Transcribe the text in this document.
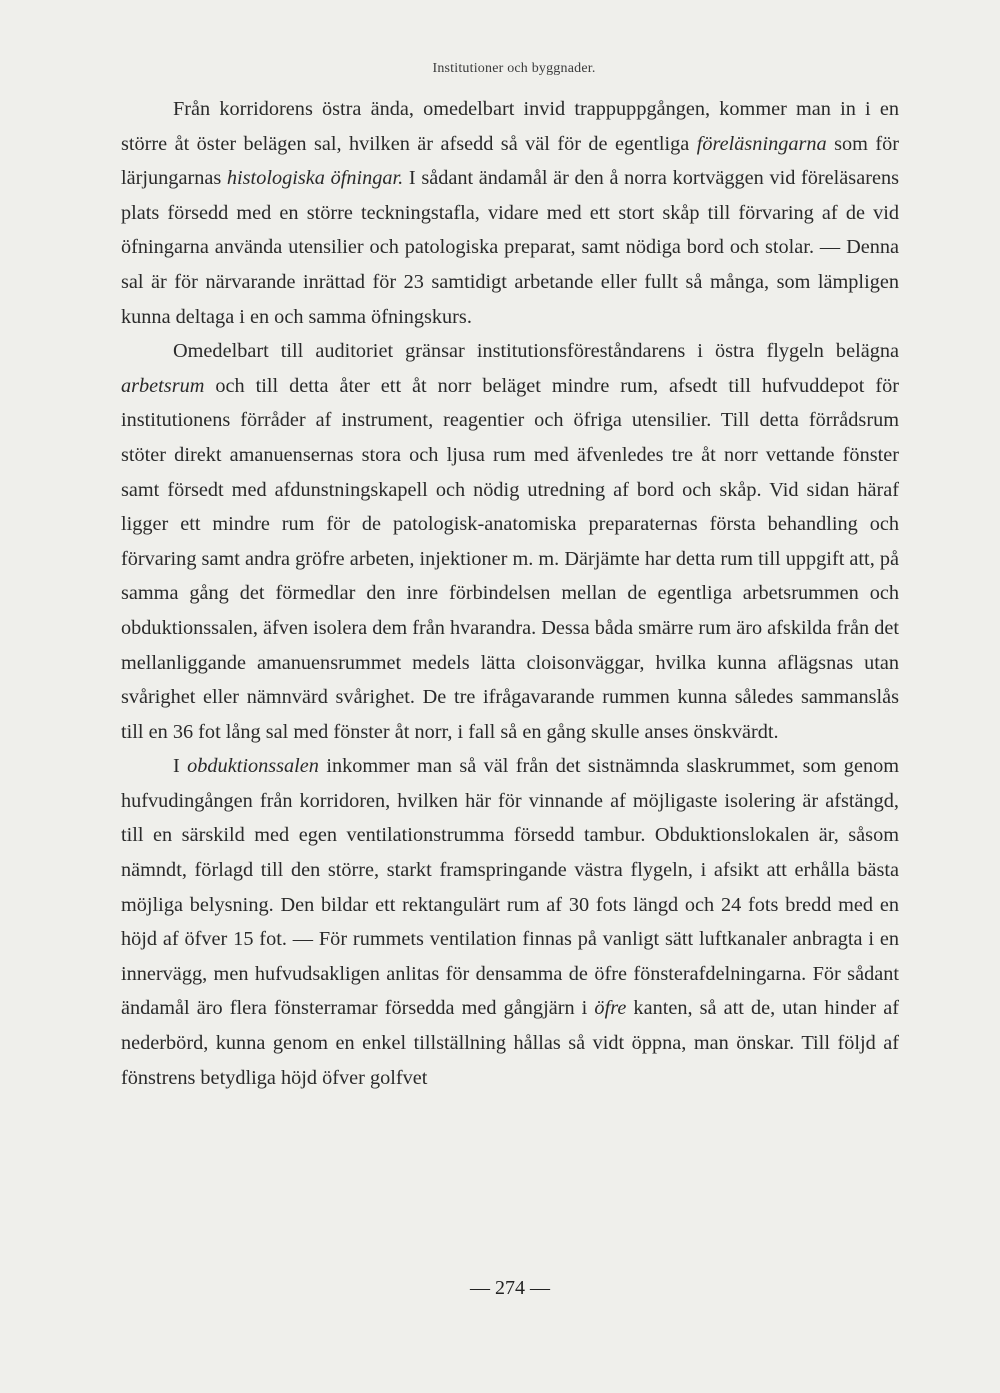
Institutioner och byggnader.

Från korridorens östra ända, omedelbart invid trappuppgången, kommer man in i en större åt öster belägen sal, hvilken är afsedd så väl för de egentliga föreläsningarna som för lärjungarnas histologiska öfningar. I sådant ändamål är den å norra kortväggen vid föreläsarens plats försedd med en större teckningstafla, vidare med ett stort skåp till förvaring af de vid öfningarna använda utensilier och patologiska preparat, samt nödiga bord och stolar. — Denna sal är för närvarande inrättad för 23 samtidigt arbetande eller fullt så många, som lämpligen kunna deltaga i en och samma öfningskurs.

Omedelbart till auditoriet gränsar institutionsföreståndarens i östra flygeln belägna arbetsrum och till detta åter ett åt norr beläget mindre rum, afsedt till hufvuddepot för institutionens förråder af instrument, reagentier och öfriga utensilier. Till detta förrådsrum stöter direkt amanuensernas stora och ljusa rum med äfvenledes tre åt norr vettande fönster samt försedt med afdunstningskapell och nödig utredning af bord och skåp. Vid sidan häraf ligger ett mindre rum för de patologisk-anatomiska preparaternas första behandling och förvaring samt andra gröfre arbeten, injektioner m. m. Därjämte har detta rum till uppgift att, på samma gång det förmedlar den inre förbindelsen mellan de egentliga arbetsrummen och obduktionssalen, äfven isolera dem från hvarandra. Dessa båda smärre rum äro afskilda från det mellanliggande amanuensrummet medels lätta cloisonväggar, hvilka kunna aflägsnas utan svårighet eller nämnvärd svårighet. De tre ifrågavarande rummen kunna således sammanslås till en 36 fot lång sal med fönster åt norr, i fall så en gång skulle anses önskvärdt.

I obduktionssalen inkommer man så väl från det sistnämnda slaskrummet, som genom hufvudingången från korridoren, hvilken här för vinnande af möjligaste isolering är afstängd, till en särskild med egen ventilationstrumma försedd tambur. Obduktionslokalen är, såsom nämndt, förlagd till den större, starkt framspringande västra flygeln, i afsikt att erhålla bästa möjliga belysning. Den bildar ett rektangulärt rum af 30 fots längd och 24 fots bredd med en höjd af öfver 15 fot. — För rummets ventilation finnas på vanligt sätt luftkanaler anbragta i en innervägg, men hufvudsakligen anlitas för densamma de öfre fönsterafdelningarna. För sådant ändamål äro flera fönsterramar försedda med gångjärn i öfre kanten, så att de, utan hinder af nederbörd, kunna genom en enkel tillställning hållas så vidt öppna, man önskar. Till följd af fönstrens betydliga höjd öfver golfvet

— 274 —
